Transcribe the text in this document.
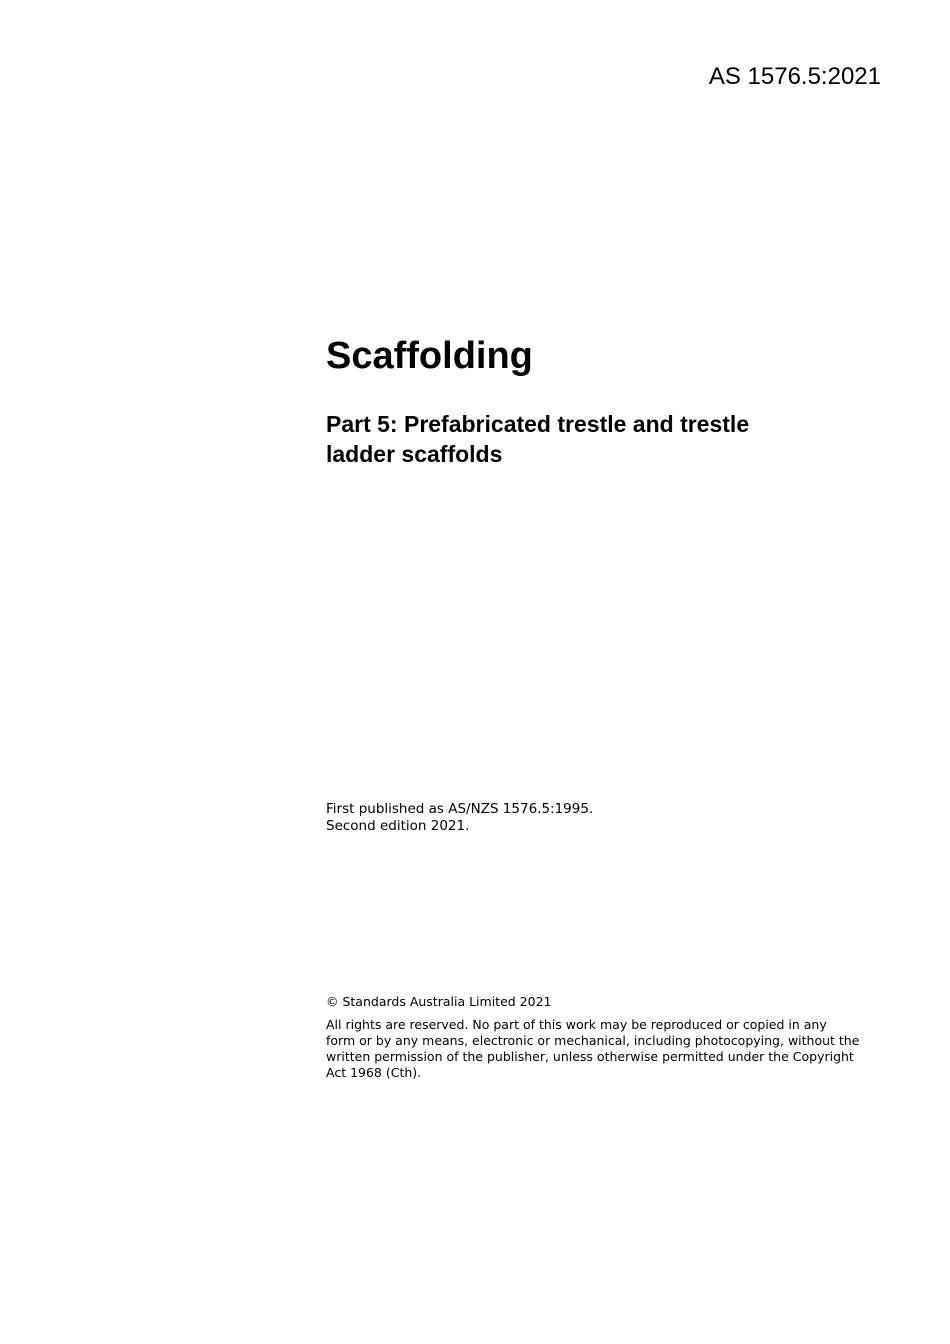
AS 1576.5:2021
Scaffolding
Part 5: Prefabricated trestle and trestle
ladder scaffolds
First published as AS/NZS 1576.5:1995.
Second edition 2021.
© Standards Australia Limited 2021
All rights are reserved. No part of this work may be reproduced or copied in any
form or by any means, electronic or mechanical, including photocopying, without the
written permission of the publisher, unless otherwise permitted under the Copyright
Act 1968 (Cth).
